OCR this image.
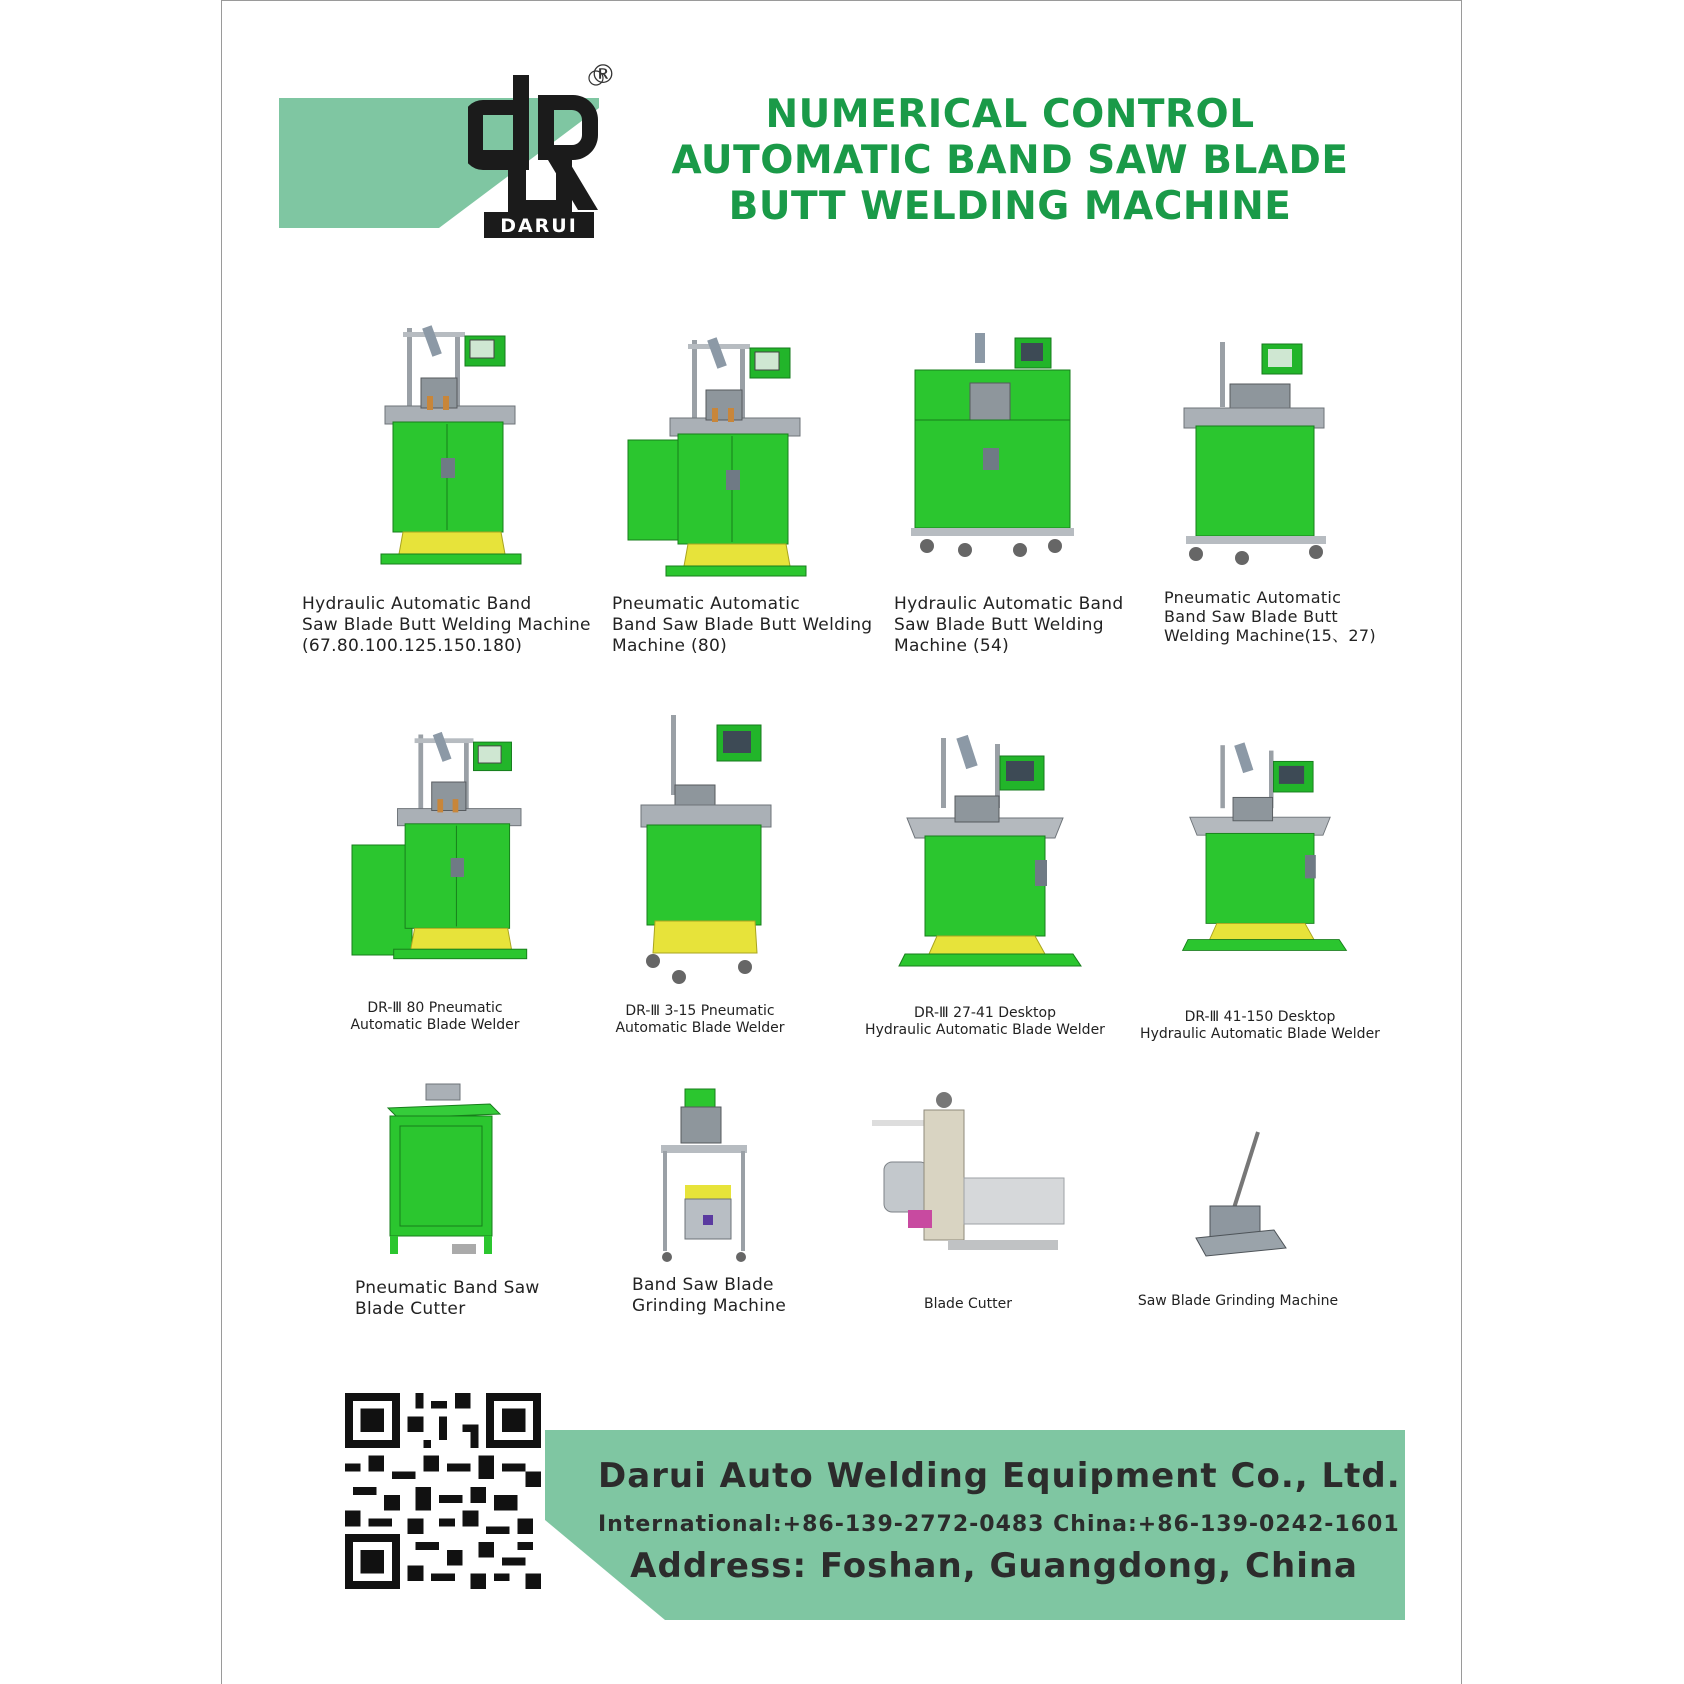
DARUI
®
NUMERICAL CONTROL
AUTOMATIC BAND SAW BLADE
BUTT WELDING MACHINE
Hydraulic Automatic Band
Saw Blade Butt Welding Machine
(67.80.100.125.150.180)
Pneumatic Automatic
Band Saw Blade Butt Welding
Machine (80)
Hydraulic Automatic Band
Saw Blade Butt Welding
Machine (54)
Pneumatic Automatic
Band Saw Blade Butt
Welding Machine(15、27)
DR-Ⅲ 80 Pneumatic
Automatic Blade Welder
DR-Ⅲ 3-15 Pneumatic
Automatic Blade Welder
DR-Ⅲ 27-41 Desktop
Hydraulic Automatic Blade Welder
DR-Ⅲ 41-150 Desktop
Hydraulic Automatic Blade Welder
Pneumatic Band Saw
Blade Cutter
Band Saw Blade
Grinding Machine	Blade Cutter	Saw Blade Grinding Machine
Darui Auto Welding Equipment Co., Ltd.
International:+86-139-2772-0483 China:+86-139-0242-1601
Address: Foshan, Guangdong, China
